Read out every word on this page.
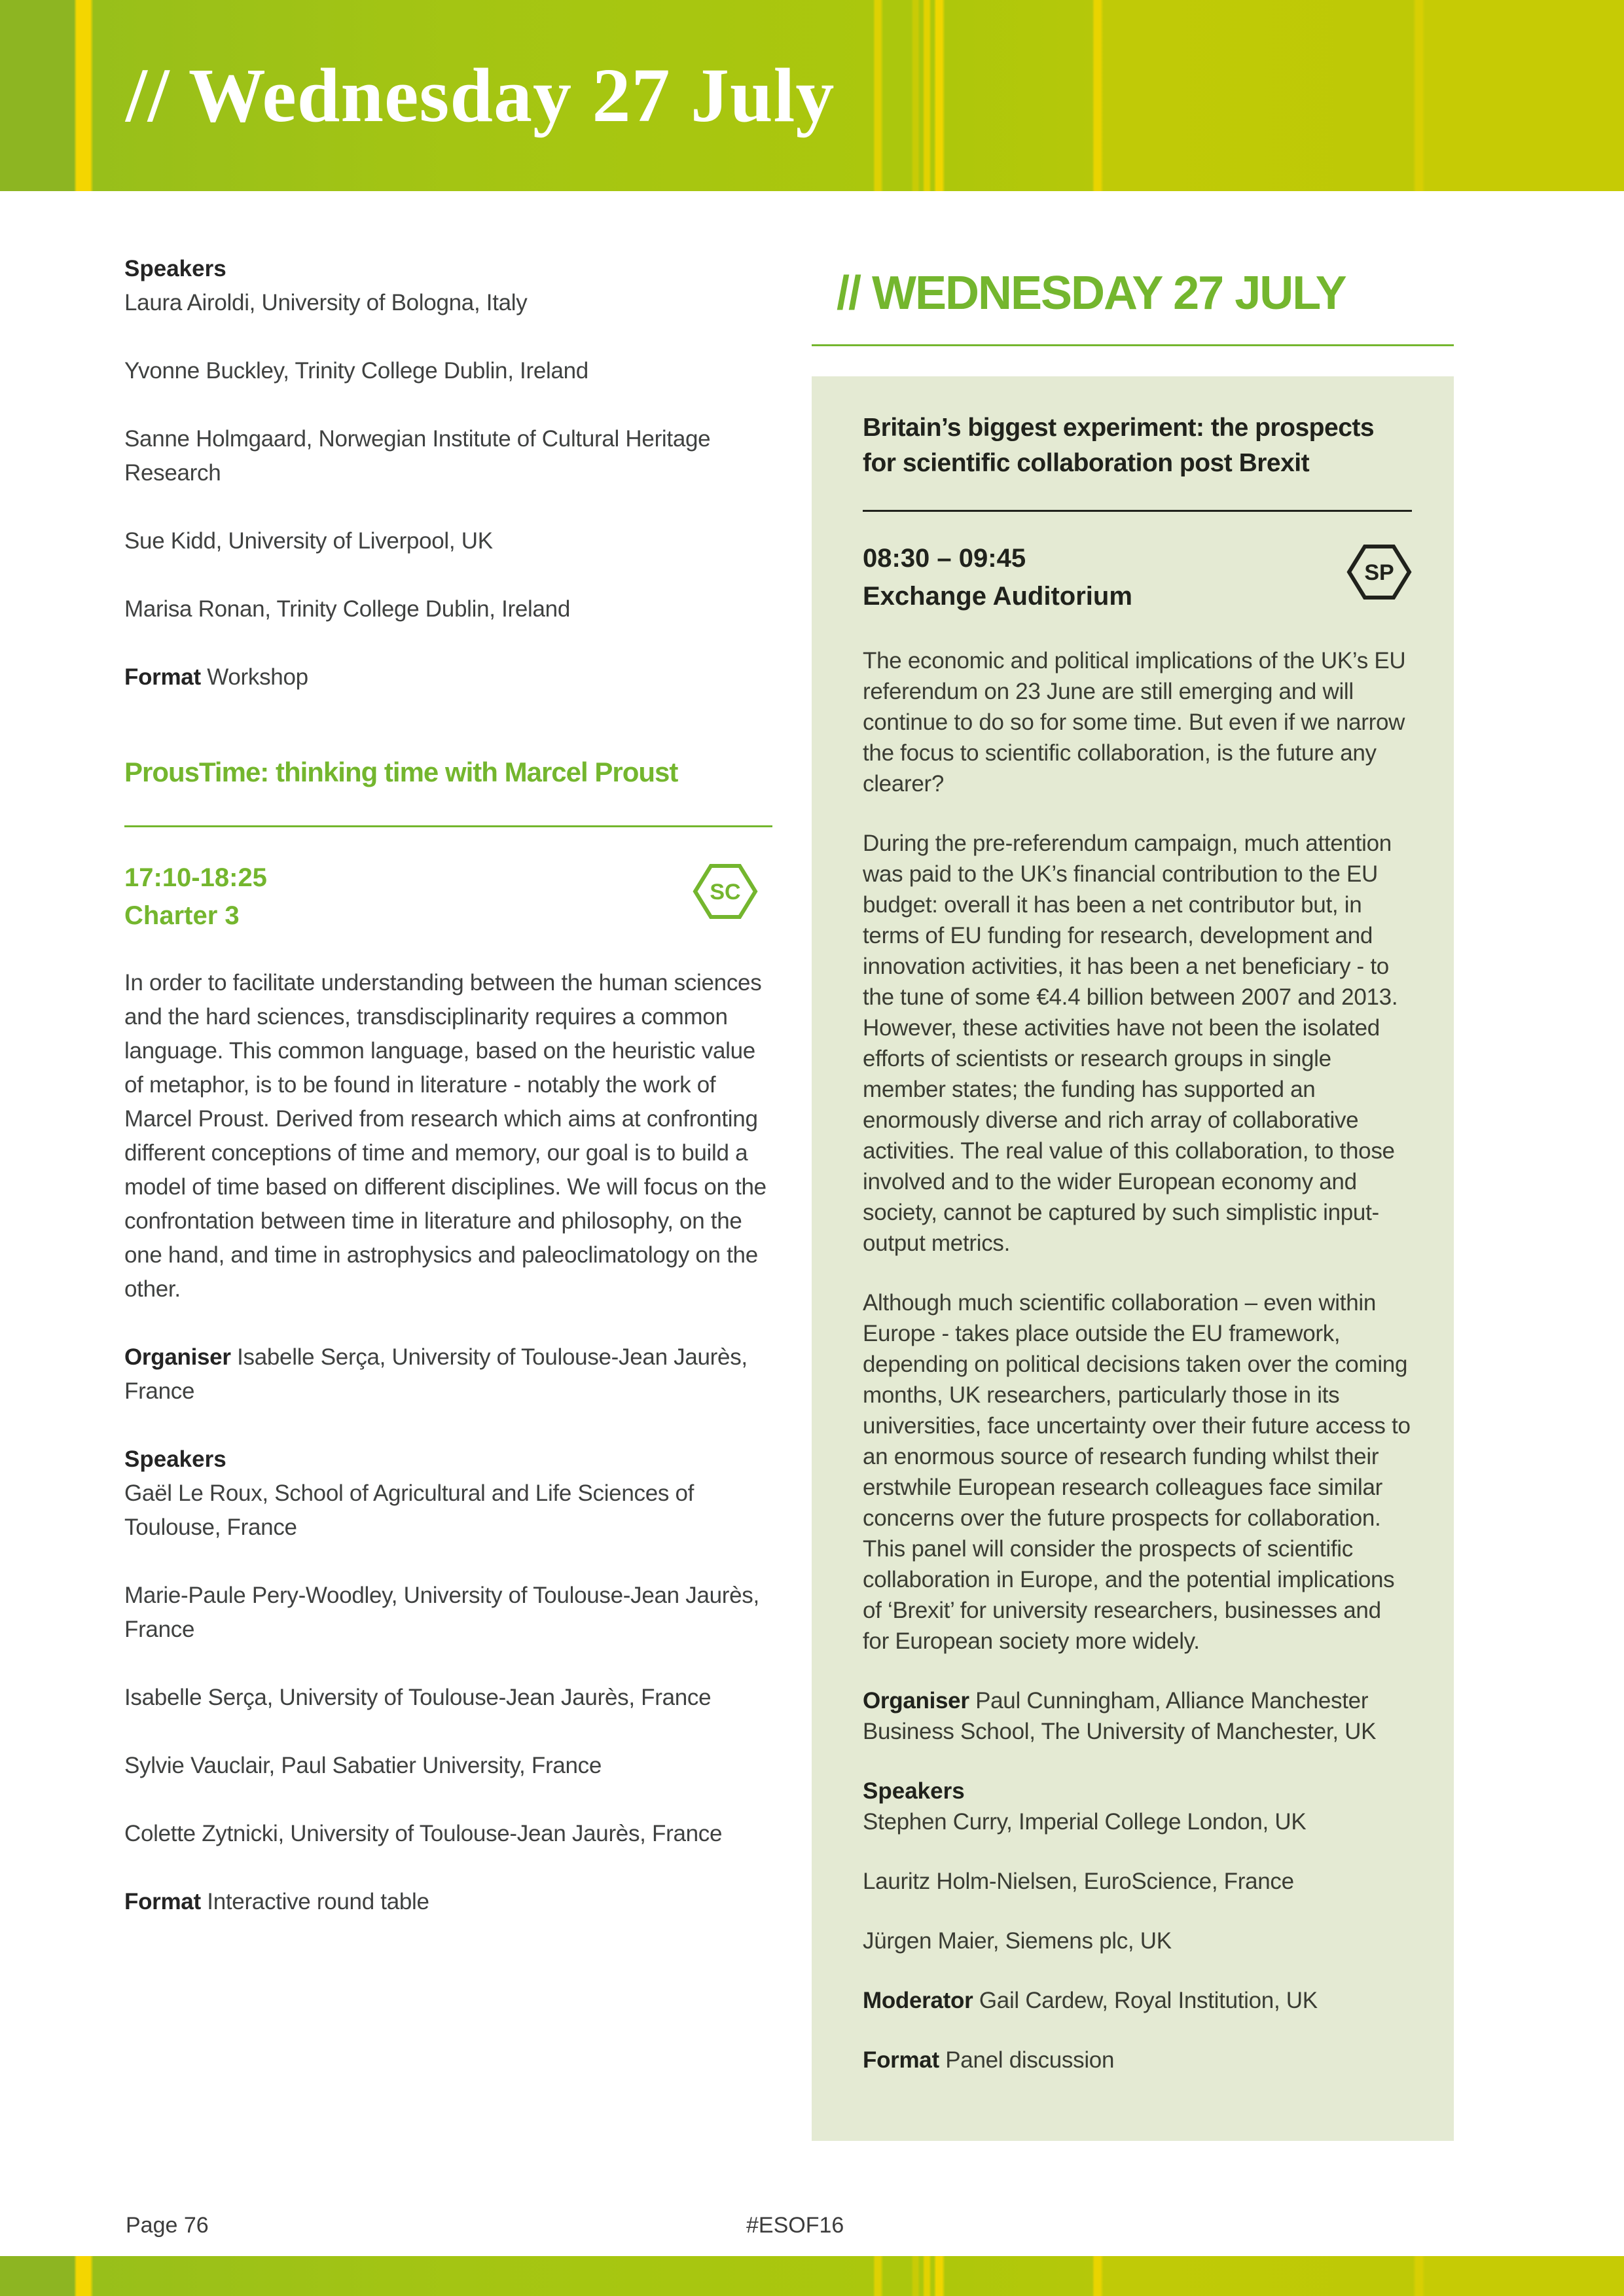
// Wednesday 27 July

Speakers

Laura Airoldi, University of Bologna, Italy

Yvonne Buckley, Trinity College Dublin, Ireland

Sanne Holmgaard, Norwegian Institute of Cultural Heritage Research

Sue Kidd, University of Liverpool, UK

Marisa Ronan, Trinity College Dublin, Ireland

Format Workshop

ProusTime: thinking time with Marcel Proust

17:10-18:25

Charter 3

SC

In order to facilitate understanding between the human sciences and the hard sciences, transdisciplinarity requires a common language. This common language, based on the heuristic value of metaphor, is to be found in literature - notably the work of Marcel Proust. Derived from research which aims at confronting different conceptions of time and memory, our goal is to build a model of time based on different disciplines. We will focus on the confrontation between time in literature and philosophy, on the one hand, and time in astrophysics and paleoclimatology on the other.

Organiser Isabelle Serça, University of Toulouse-Jean Jaurès, France

Speakers

Gaël Le Roux, School of Agricultural and Life Sciences of Toulouse, France

Marie-Paule Pery-Woodley, University of Toulouse-Jean Jaurès, France

Isabelle Serça, University of Toulouse-Jean Jaurès, France

Sylvie Vauclair, Paul Sabatier University, France

Colette Zytnicki, University of Toulouse-Jean Jaurès, France

Format Interactive round table

// WEDNESDAY 27 JULY
Britain’s biggest experiment: the prospects for scientific collaboration post Brexit

08:30 – 09:45

Exchange Auditorium

SP

The economic and political implications of the UK’s EU referendum on 23 June are still emerging and will continue to do so for some time. But even if we narrow the focus to scientific collaboration, is the future any clearer?

During the pre-referendum campaign, much attention was paid to the UK’s financial contribution to the EU budget: overall it has been a net contributor but, in terms of EU funding for research, development and innovation activities, it has been a net beneficiary - to the tune of some €4.4 billion between 2007 and 2013. However, these activities have not been the isolated efforts of scientists or research groups in single member states; the funding has supported an enormously diverse and rich array of collaborative activities. The real value of this collaboration, to those involved and to the wider European economy and society, cannot be captured by such simplistic input-output metrics.

Although much scientific collaboration – even within Europe - takes place outside the EU framework, depending on political decisions taken over the coming months, UK researchers, particularly those in its universities, face uncertainty over their future access to an enormous source of research funding whilst their erstwhile European research colleagues face similar concerns over the future prospects for collaboration. This panel will consider the prospects of scientific collaboration in Europe, and the potential implications of ‘Brexit’ for university researchers, businesses and for European society more widely.

Organiser Paul Cunningham, Alliance Manchester Business School, The University of Manchester, UK

Speakers

Stephen Curry, Imperial College London, UK

Lauritz Holm-Nielsen, EuroScience, France

Jürgen Maier, Siemens plc, UK

Moderator Gail Cardew, Royal Institution, UK

Format Panel discussion

Page 76	#ESOF16
